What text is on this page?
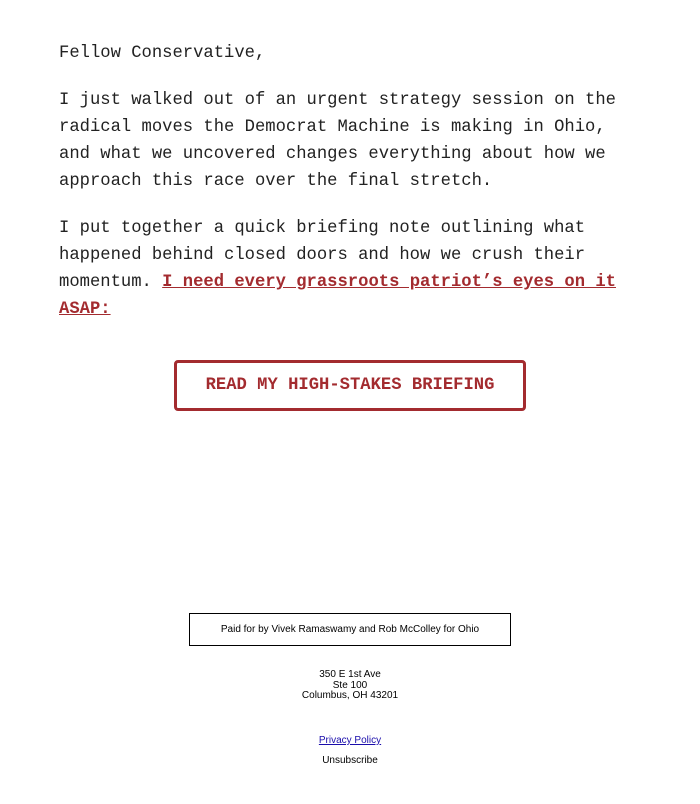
Fellow Conservative,

I just walked out of an urgent strategy session on the radical moves the Democrat Machine is making in Ohio, and what we uncovered changes everything about how we approach this race over the final stretch.

I put together a quick briefing note outlining what happened behind closed doors and how we crush their momentum. I need every grassroots patriot’s eyes on it ASAP:

READ MY HIGH-STAKES BRIEFING
Paid for by Vivek Ramaswamy and Rob McColley for Ohio
350 E 1st Ave
Ste 100
Columbus, OH 43201
Privacy Policy
Unsubscribe
